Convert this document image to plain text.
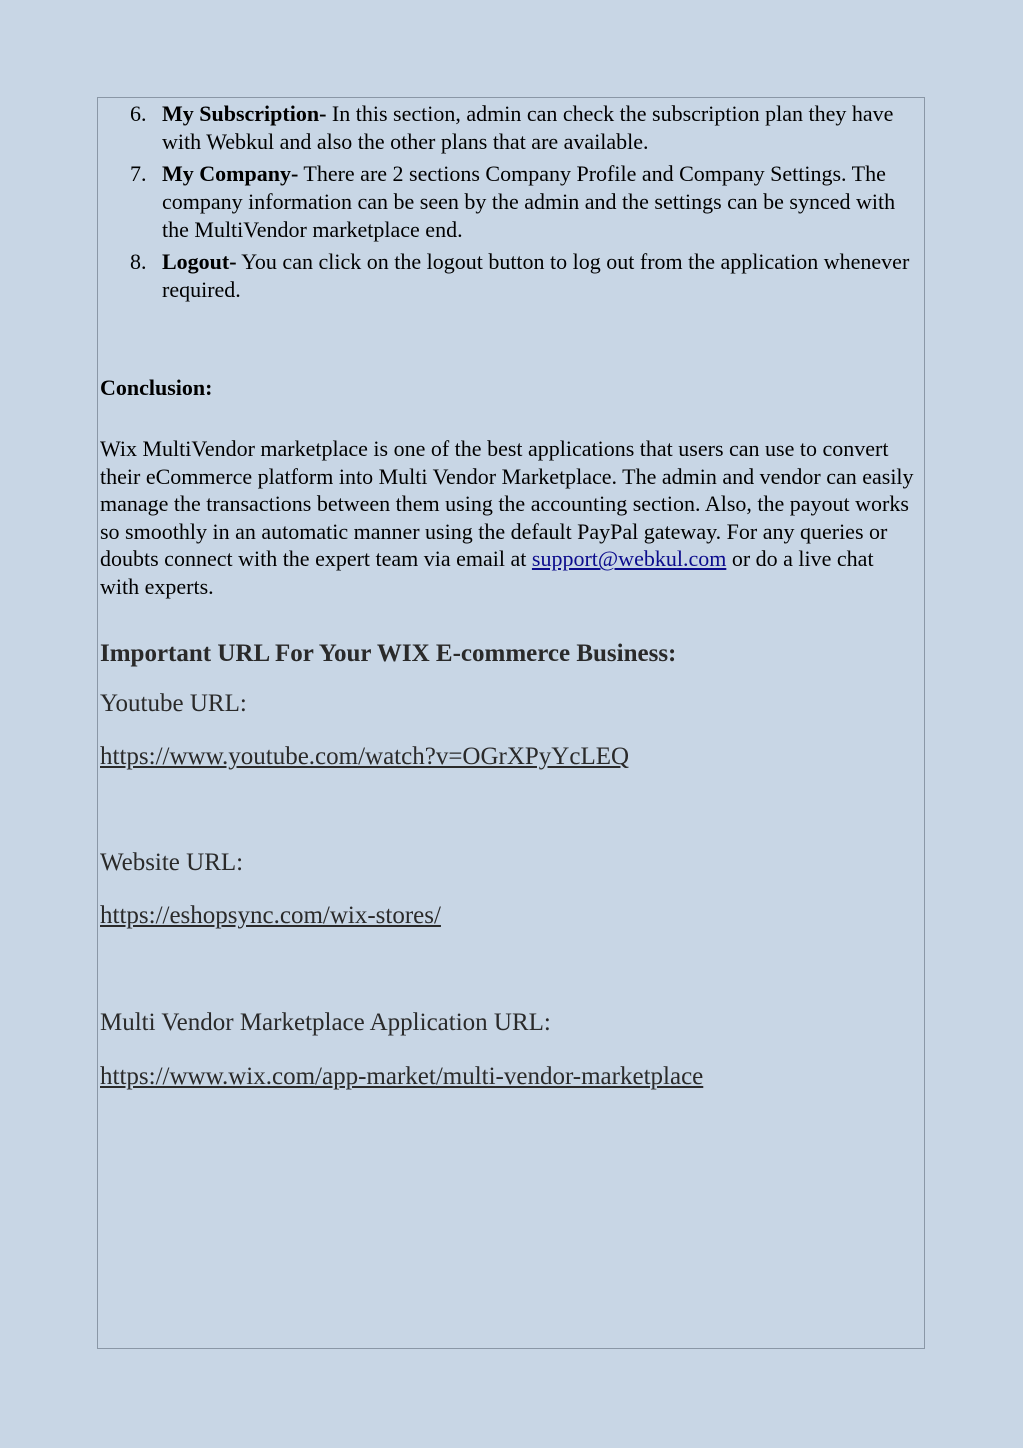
6. My Subscription- In this section, admin can check the subscription plan they have with Webkul and also the other plans that are available.
7. My Company- There are 2 sections Company Profile and Company Settings. The company information can be seen by the admin and the settings can be synced with the MultiVendor marketplace end.
8. Logout- You can click on the logout button to log out from the application whenever required.
Conclusion:
Wix MultiVendor marketplace is one of the best applications that users can use to convert their eCommerce platform into Multi Vendor Marketplace. The admin and vendor can easily manage the transactions between them using the accounting section. Also, the payout works so smoothly in an automatic manner using the default PayPal gateway. For any queries or doubts connect with the expert team via email at support@webkul.com or do a live chat with experts.
Important URL For Your WIX E-commerce Business:
Youtube URL:
https://www.youtube.com/watch?v=OGrXPyYcLEQ
Website URL:
https://eshopsync.com/wix-stores/
Multi Vendor Marketplace Application URL:
https://www.wix.com/app-market/multi-vendor-marketplace
